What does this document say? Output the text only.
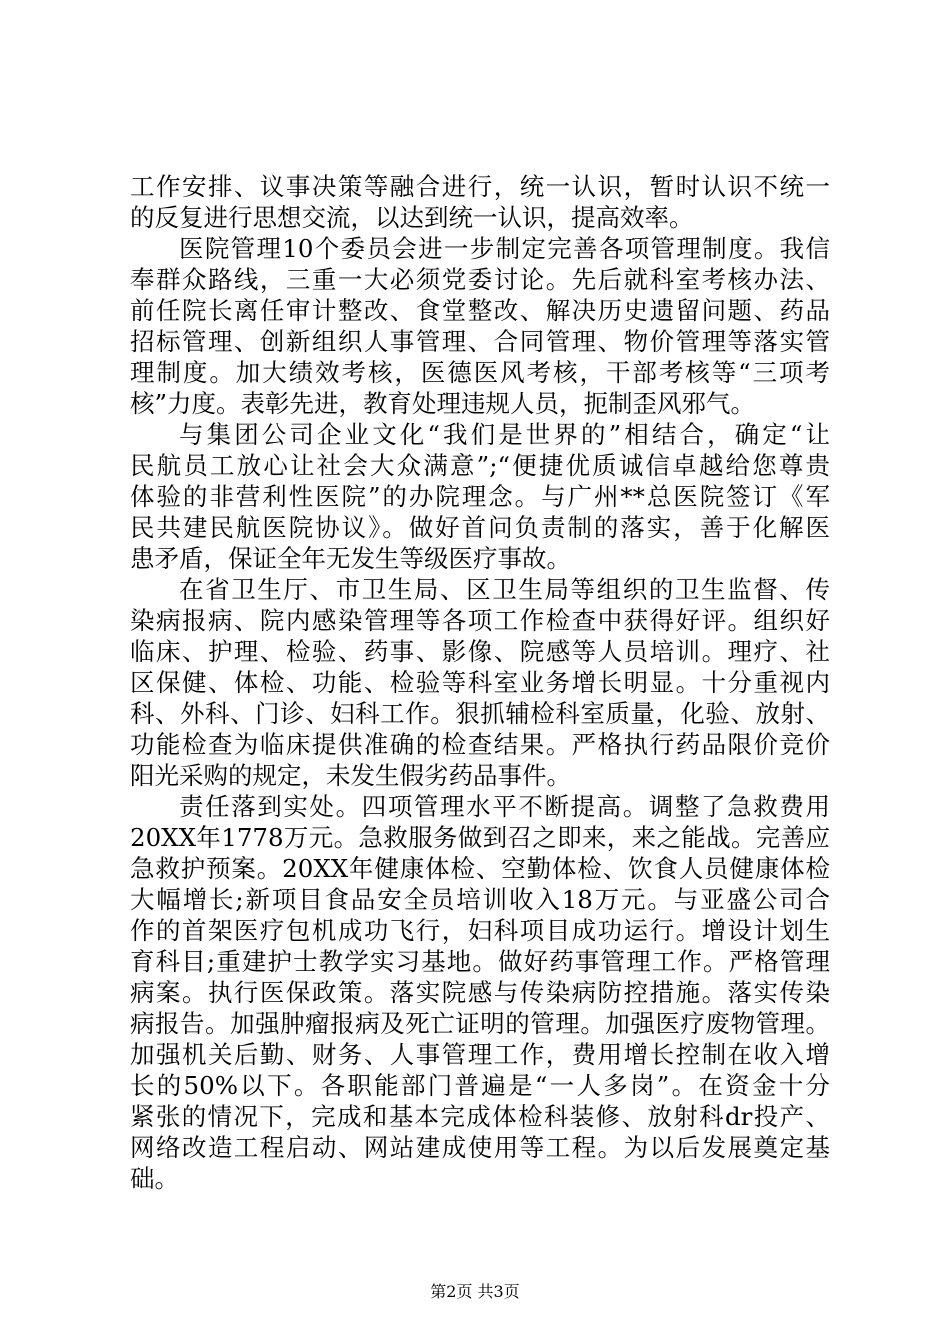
工作安排、议事决策等融合进行，统一认识，暂时认识不统一
的反复进行思想交流，以达到统一认识，提高效率。
医院管理10个委员会进一步制定完善各项管理制度。我信
奉群众路线，三重一大必须党委讨论。先后就科室考核办法、
前任院长离任审计整改、食堂整改、解决历史遗留问题、药品
招标管理、创新组织人事管理、合同管理、物价管理等落实管
理制度。加大绩效考核，医德医风考核，干部考核等“三项考
核”力度。表彰先进，教育处理违规人员，扼制歪风邪气。
与集团公司企业文化“我们是世界的”相结合，确定“让
民航员工放心让社会大众满意”;“便捷优质诚信卓越给您尊贵
体验的非营利性医院”的办院理念。与广州**总医院签订《军
民共建民航医院协议》。做好首问负责制的落实，善于化解医
患矛盾，保证全年无发生等级医疗事故。
在省卫生厅、市卫生局、区卫生局等组织的卫生监督、传
染病报病、院内感染管理等各项工作检查中获得好评。组织好
临床、护理、检验、药事、影像、院感等人员培训。理疗、社
区保健、体检、功能、检验等科室业务增长明显。十分重视内
科、外科、门诊、妇科工作。狠抓辅检科室质量，化验、放射、
功能检查为临床提供准确的检查结果。严格执行药品限价竞价
阳光采购的规定，未发生假劣药品事件。
责任落到实处。四项管理水平不断提高。调整了急救费用
20XX年1778万元。急救服务做到召之即来，来之能战。完善应
急救护预案。20XX年健康体检、空勤体检、饮食人员健康体检
大幅增长;新项目食品安全员培训收入18万元。与亚盛公司合
作的首架医疗包机成功飞行，妇科项目成功运行。增设计划生
育科目;重建护士教学实习基地。做好药事管理工作。严格管理
病案。执行医保政策。落实院感与传染病防控措施。落实传染
病报告。加强肿瘤报病及死亡证明的管理。加强医疗废物管理。
加强机关后勤、财务、人事管理工作，费用增长控制在收入增
长的50%以下。各职能部门普遍是“一人多岗”。在资金十分
紧张的情况下，完成和基本完成体检科装修、放射科dr投产、
网络改造工程启动、网站建成使用等工程。为以后发展奠定基
础。
第2页 共3页
